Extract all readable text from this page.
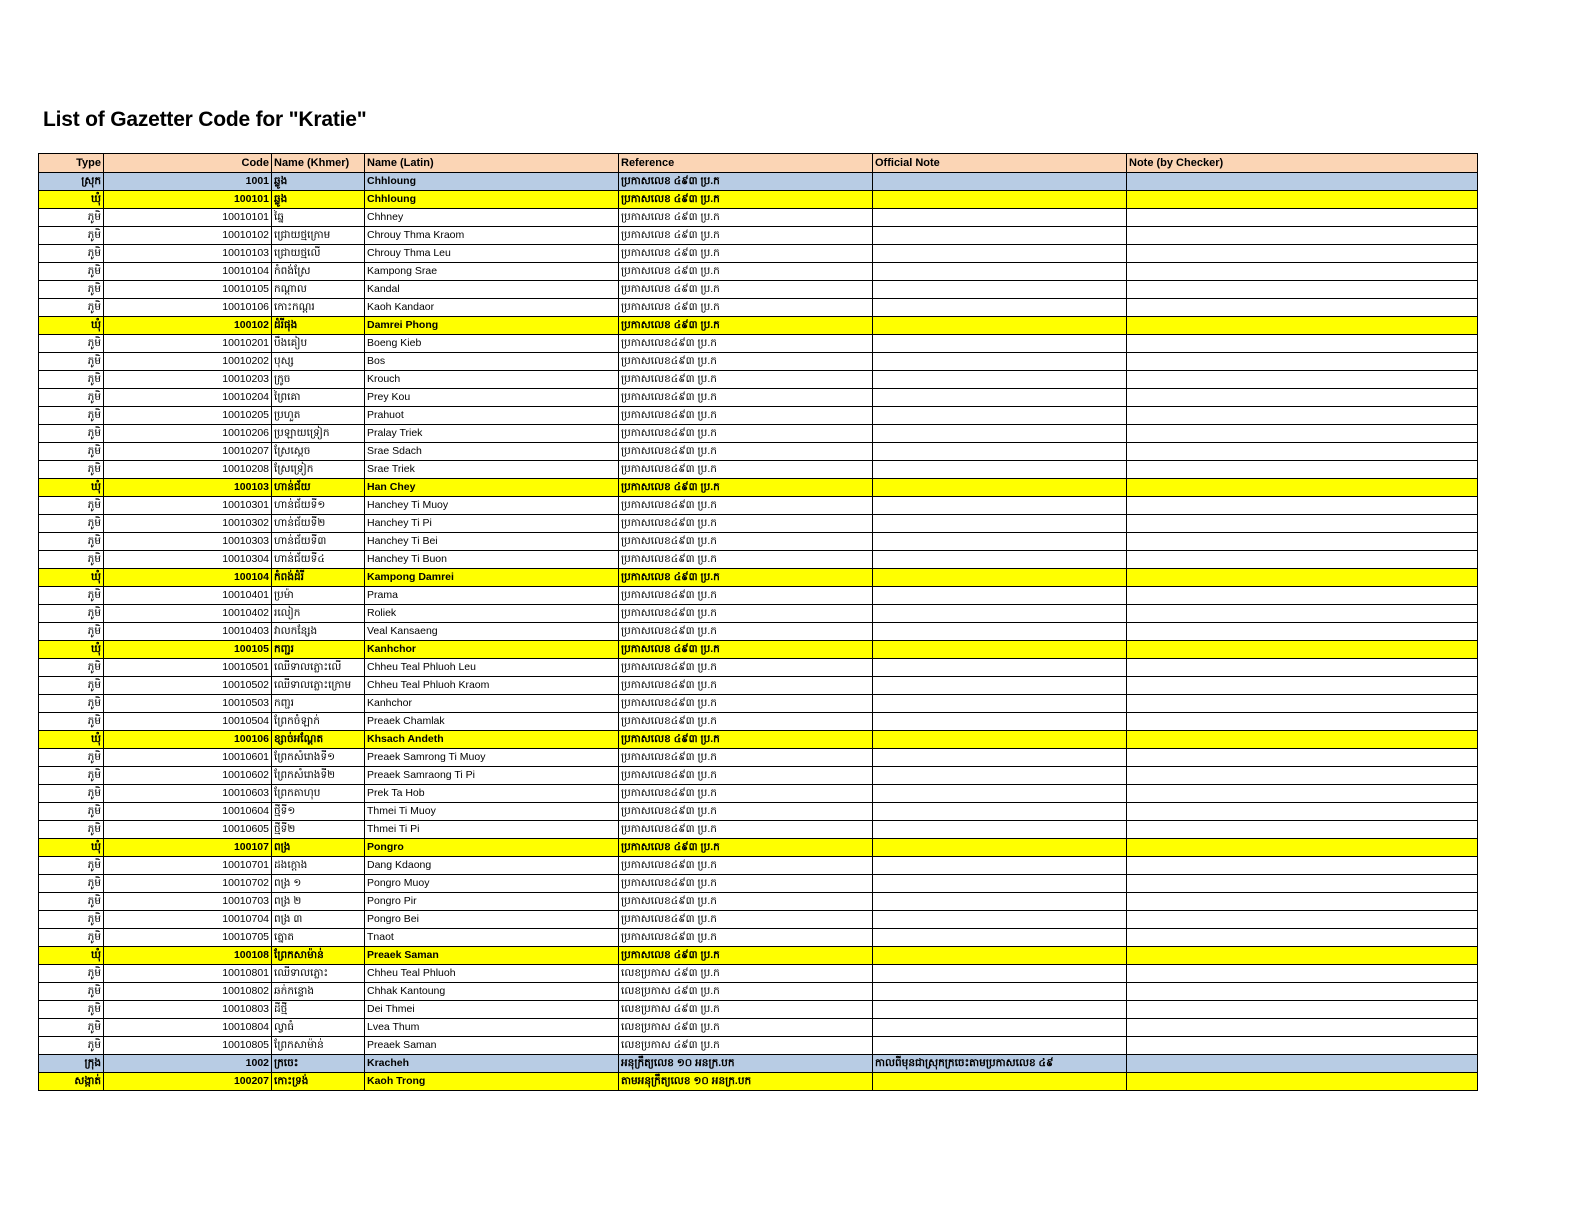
List of Gazetter Code for "Kratie"
Type	Code	Name (Khmer)	Name (Latin)	Reference	Official Note	Note (by Checker)
ស្រុក	1001	ឆ្លូង	Chhloung	ប្រកាសលេខ ៤៩៣ ប្រ.ក		
ឃុំ	100101	ឆ្លូង	Chhloung	ប្រកាសលេខ ៤៩៣ ប្រ.ក		
ភូមិ	10010101	ឆ្នៃ	Chhney	ប្រកាសលេខ ៤៩៣ ប្រ.ក		
ភូមិ	10010102	ជ្រោយថ្មក្រោម	Chrouy Thma Kraom	ប្រកាសលេខ ៤៩៣ ប្រ.ក		
ភូមិ	10010103	ជ្រោយថ្មលើ	Chrouy Thma Leu	ប្រកាសលេខ ៤៩៣ ប្រ.ក		
ភូមិ	10010104	កំពង់ស្រែ	Kampong Srae	ប្រកាសលេខ ៤៩៣ ប្រ.ក		
ភូមិ	10010105	កណ្ដាល	Kandal	ប្រកាសលេខ ៤៩៣ ប្រ.ក		
ភូមិ	10010106	កោះកណ្ដរ	Kaoh Kandaor	ប្រកាសលេខ ៤៩៣ ប្រ.ក		
ឃុំ	100102	ដំរីផុង	Damrei Phong	ប្រកាសលេខ ៤៩៣ ប្រ.ក		
ភូមិ	10010201	បឹងគៀប	Boeng Kieb	ប្រកាសលេខ៤៩៣ ប្រ.ក		
ភូមិ	10010202	បុស្ស	Bos	ប្រកាសលេខ៤៩៣ ប្រ.ក		
ភូមិ	10010203	ក្រូច	Krouch	ប្រកាសលេខ៤៩៣ ប្រ.ក		
ភូមិ	10010204	ព្រៃគោ	Prey Kou	ប្រកាសលេខ៤៩៣ ប្រ.ក		
ភូមិ	10010205	ប្រហួត	Prahuot	ប្រកាសលេខ៤៩៣ ប្រ.ក		
ភូមិ	10010206	ប្រឡាយទ្រៀក	Pralay Triek	ប្រកាសលេខ៤៩៣ ប្រ.ក		
ភូមិ	10010207	ស្រែស្ដេច	Srae Sdach	ប្រកាសលេខ៤៩៣ ប្រ.ក		
ភូមិ	10010208	ស្រែទ្រៀក	Srae Triek	ប្រកាសលេខ៤៩៣ ប្រ.ក		
ឃុំ	100103	ហាន់ជ័យ	Han Chey	ប្រកាសលេខ ៤៩៣ ប្រ.ក		
ភូមិ	10010301	ហាន់ជ័យទី១	Hanchey Ti Muoy	ប្រកាសលេខ៤៩៣ ប្រ.ក		
ភូមិ	10010302	ហាន់ជ័យទី២	Hanchey Ti Pi	ប្រកាសលេខ៤៩៣ ប្រ.ក		
ភូមិ	10010303	ហាន់ជ័យទី៣	Hanchey Ti Bei	ប្រកាសលេខ៤៩៣ ប្រ.ក		
ភូមិ	10010304	ហាន់ជ័យទី៤	Hanchey Ti Buon	ប្រកាសលេខ៤៩៣ ប្រ.ក		
ឃុំ	100104	កំពង់ដំរី	Kampong Damrei	ប្រកាសលេខ ៤៩៣ ប្រ.ក		
ភូមិ	10010401	ប្រម៉ា	Prama	ប្រកាសលេខ៤៩៣ ប្រ.ក		
ភូមិ	10010402	រលៀក	Roliek	ប្រកាសលេខ៤៩៣ ប្រ.ក		
ភូមិ	10010403	វាលកន្សែង	Veal Kansaeng	ប្រកាសលេខ៤៩៣ ប្រ.ក		
ឃុំ	100105	កញ្ជរ	Kanhchor	ប្រកាសលេខ ៤៩៣ ប្រ.ក		
ភូមិ	10010501	ឈើទាលភ្លោះលើ	Chheu Teal Phluoh Leu	ប្រកាសលេខ៤៩៣ ប្រ.ក		
ភូមិ	10010502	ឈើទាលភ្លោះក្រោម	Chheu Teal Phluoh Kraom	ប្រកាសលេខ៤៩៣ ប្រ.ក		
ភូមិ	10010503	កញ្ជរ	Kanhchor	ប្រកាសលេខ៤៩៣ ប្រ.ក		
ភូមិ	10010504	ព្រែកចំឡាក់	Preaek Chamlak	ប្រកាសលេខ៤៩៣ ប្រ.ក		
ឃុំ	100106	ខ្សាច់អណ្ដែត	Khsach Andeth	ប្រកាសលេខ ៤៩៣ ប្រ.ក		
ភូមិ	10010601	ព្រែកសំរោងទី១	Preaek Samrong Ti Muoy	ប្រកាសលេខ៤៩៣ ប្រ.ក		
ភូមិ	10010602	ព្រែកសំរោងទី២	Preaek Samraong Ti Pi	ប្រកាសលេខ៤៩៣ ប្រ.ក		
ភូមិ	10010603	ព្រែកតាហុប	Prek Ta Hob	ប្រកាសលេខ៤៩៣ ប្រ.ក		
ភូមិ	10010604	ថ្មីទី១	Thmei Ti Muoy	ប្រកាសលេខ៤៩៣ ប្រ.ក		
ភូមិ	10010605	ថ្មីទី២	Thmei Ti Pi	ប្រកាសលេខ៤៩៣ ប្រ.ក		
ឃុំ	100107	ពង្រ	Pongro	ប្រកាសលេខ ៤៩៣ ប្រ.ក		
ភូមិ	10010701	ដងក្ដោង	Dang Kdaong	ប្រកាសលេខ៤៩៣ ប្រ.ក		
ភូមិ	10010702	ពង្រ ១	Pongro Muoy	ប្រកាសលេខ៤៩៣ ប្រ.ក		
ភូមិ	10010703	ពង្រ ២	Pongro Pir	ប្រកាសលេខ៤៩៣ ប្រ.ក		
ភូមិ	10010704	ពង្រ ៣	Pongro Bei	ប្រកាសលេខ៤៩៣ ប្រ.ក		
ភូមិ	10010705	ត្នោត	Tnaot	ប្រកាសលេខ៤៩៣ ប្រ.ក		
ឃុំ	100108	ព្រែកសាម៉ាន់	Preaek Saman	ប្រកាសលេខ ៤៩៣ ប្រ.ក		
ភូមិ	10010801	ឈើទាលភ្លោះ	Chheu Teal Phluoh	លេខប្រកាស ៤៩៣ ប្រ.ក		
ភូមិ	10010802	ឆក់កន្ទោង	Chhak Kantoung	លេខប្រកាស ៤៩៣ ប្រ.ក		
ភូមិ	10010803	ដីថ្មី	Dei Thmei	លេខប្រកាស ៤៩៣ ប្រ.ក		
ភូមិ	10010804	ល្វាធំ	Lvea Thum	លេខប្រកាស ៤៩៣ ប្រ.ក		
ភូមិ	10010805	ព្រែកសាម៉ាន់	Preaek Saman	លេខប្រកាស ៤៩៣ ប្រ.ក		
ក្រុង	1002	ក្រចេះ	Kracheh	អនុក្រឹត្យលេខ ១០ អនក្រ.បក	កាលពីមុនជាស្រុកក្រចេះតាមប្រកាសលេខ ៤៩	
សង្កាត់	100207	កោះទ្រង់	Kaoh Trong	តាមអនុក្រឹត្យលេខ ១០ អនក្រ.បក		
